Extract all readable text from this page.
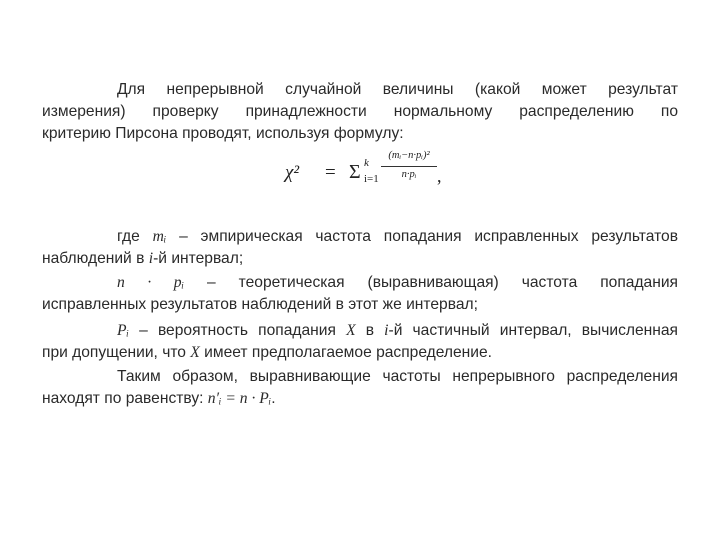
Для непрерывной случайной величины (какой может результат
измерения) проверку принадлежности нормальному распределению по
критерию Пирсона проводят, используя формулу:
χ² = Σ k
i=1
(mᵢ−n·pᵢ)²
n·pᵢ	,
где mᵢ – эмпирическая частота попадания исправленных результатов
наблюдений в i-й интервал;
n · pᵢ – теоретическая (выравнивающая) частота попадания
исправленных результатов наблюдений в этот же интервал;
Pᵢ – вероятность попадания X в i-й частичный интервал, вычисленная
при допущении, что X имеет предполагаемое распределение.
Таким образом, выравнивающие частоты непрерывного распределения
находят по равенству: n′ᵢ = n · Pᵢ.
